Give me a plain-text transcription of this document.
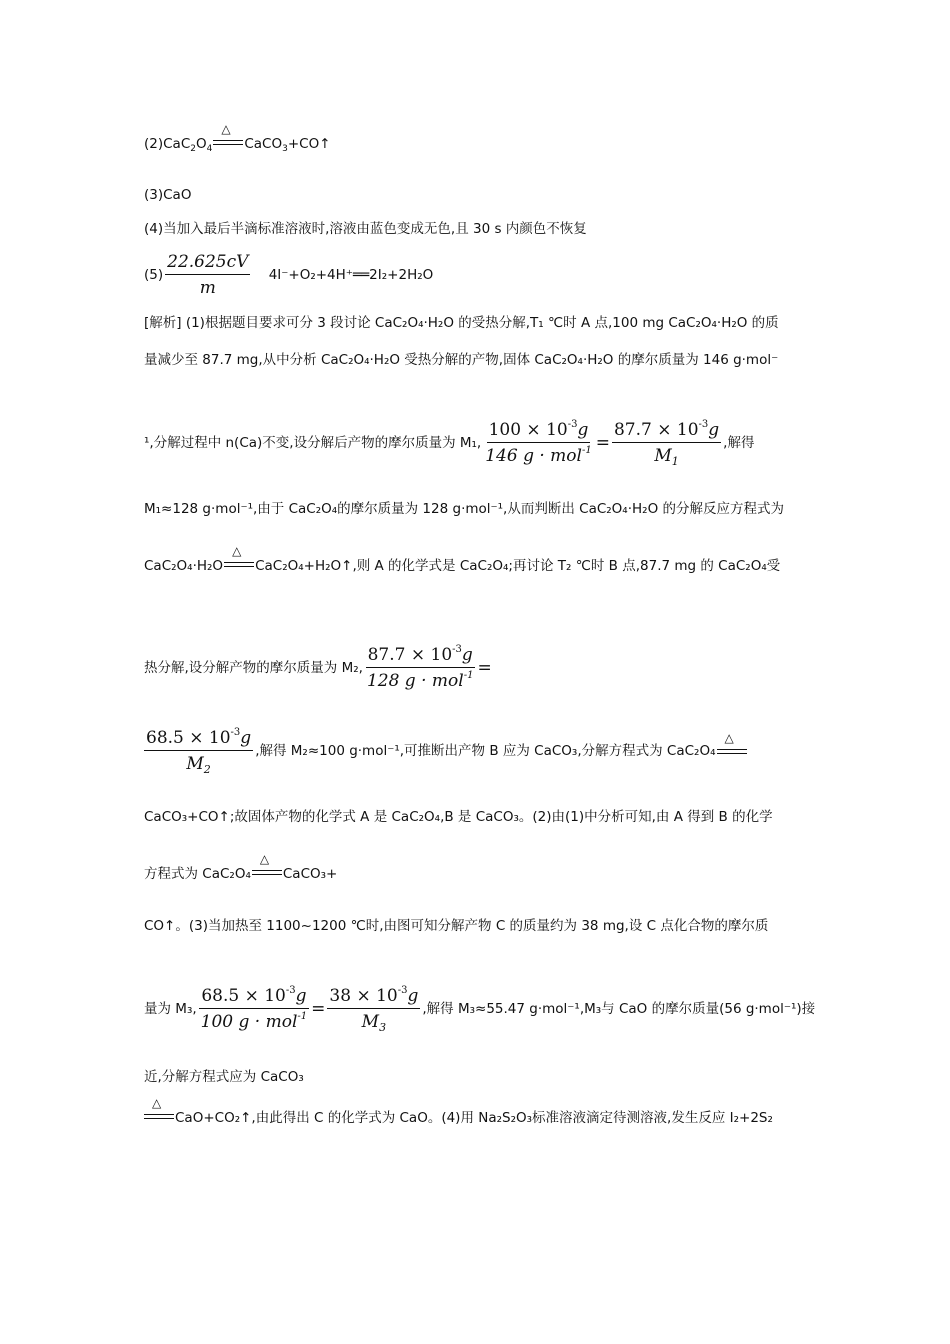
$(2)CaC_2O_4$
△
CaCO$_3$+CO↑
(3)CaO
(4)当加入最后半滴标准溶液时,溶液由蓝色变成无色,且 30 s 内颜色不恢复
$(5) \frac{22.625cV}{m}$ 4I⁻+O₂+4H⁺══2I₂+2H₂O
[解析] (1)根据题目要求可分 3 段讨论 CaC₂O₄·H₂O 的受热分解,T₁ ℃时 A 点,100 mg CaC₂O₄·H₂O 的质
量减少至 87.7 mg,从中分析 CaC₂O₄·H₂O 受热分解的产物,固体 CaC₂O₄·H₂O 的摩尔质量为 146 g·mol⁻
¹,分解过程中 n(Ca)不变,设分解后产物的摩尔质量为 M₁, $\frac{100 \times 10^{-3}g}{146 g \cdot mol^{-1}} = \frac{87.7 \times 10^{-3}g}{M_1}$ ,解得
M₁≈128 g·mol⁻¹,由于 CaC₂O₄的摩尔质量为 128 g·mol⁻¹,从而判断出 CaC₂O₄·H₂O 的分解反应方程式为
CaC₂O₄·H₂O
△
CaC₂O₄+H₂O↑,则 A 的化学式是 CaC₂O₄;再讨论 T₂ ℃时 B 点,87.7 mg 的 CaC₂O₄受
热分解,设分解产物的摩尔质量为 M₂, $\frac{87.7 \times 10^{-3}g}{128 g \cdot mol^{-1}}$ =
$\frac{68.5 \times 10^{-3}g}{M_2}$ ,解得 M₂≈100 g·mol⁻¹,可推断出产物 B 应为 CaCO₃,分解方程式为 CaC₂O₄
△
CaCO₃+CO↑;故固体产物的化学式 A 是 CaC₂O₄,B 是 CaCO₃。(2)由(1)中分析可知,由 A 得到 B 的化学
方程式为 CaC₂O₄
△
CaCO₃+
CO↑。(3)当加热至 1100~1200 ℃时,由图可知分解产物 C 的质量约为 38 mg,设 C 点化合物的摩尔质
量为 M₃, $\frac{68.5 \times 10^{-3}g}{100 g \cdot mol^{-1}} = \frac{38 \times 10^{-3}g}{M_3}$ ,解得 M₃≈55.47 g·mol⁻¹,M₃与 CaO 的摩尔质量(56 g·mol⁻¹)接
近,分解方程式应为 CaCO₃
△
CaO+CO₂↑,由此得出 C 的化学式为 CaO。(4)用 Na₂S₂O₃标准溶液滴定待测溶液,发生反应 I₂+2S₂
